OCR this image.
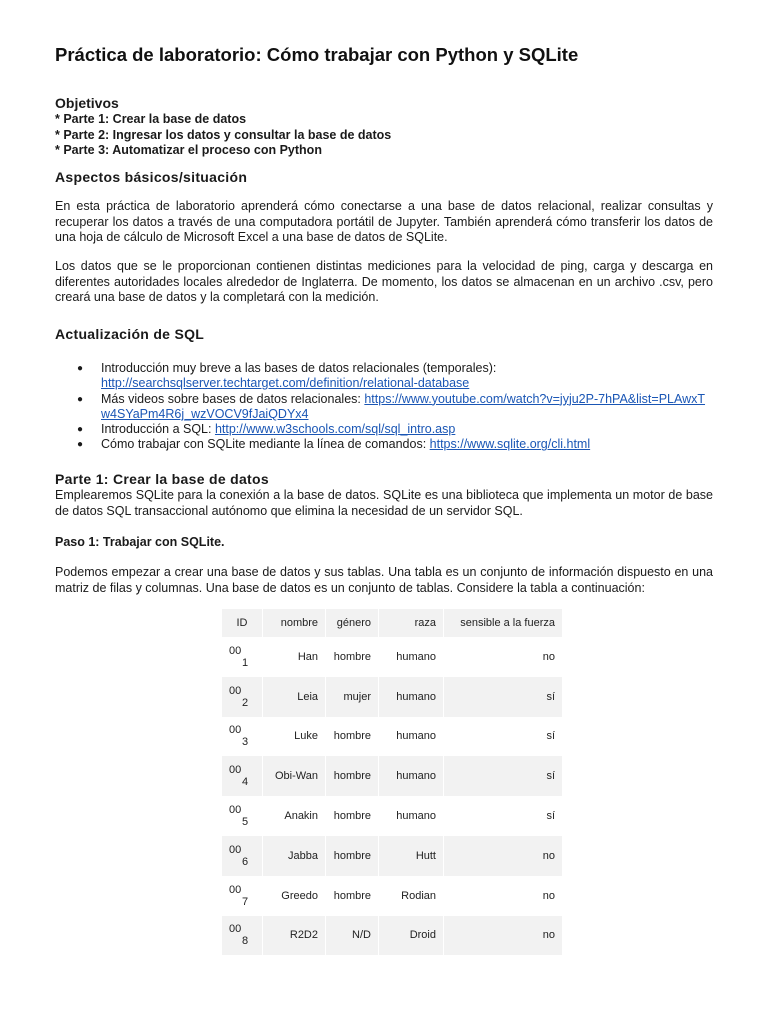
Práctica de laboratorio: Cómo trabajar con Python y SQLite
Objetivos
* Parte 1: Crear la base de datos
* Parte 2: Ingresar los datos y consultar la base de datos
* Parte 3: Automatizar el proceso con Python
Aspectos básicos/situación

En esta práctica de laboratorio aprenderá cómo conectarse a una base de datos relacional, realizar consultas y recuperar los datos a través de una computadora portátil de Jupyter. También aprenderá cómo transferir los datos de una hoja de cálculo de Microsoft Excel a una base de datos de SQLite.

Los datos que se le proporcionan contienen distintas mediciones para la velocidad de ping, carga y descarga en diferentes autoridades locales alrededor de Inglaterra. De momento, los datos se almacenan en un archivo .csv, pero creará una base de datos y la completará con la medición.

Actualización de SQL
● Introducción muy breve a las bases de datos relacionales (temporales): http://searchsqlserver.techtarget.com/definition/relational-database
● Más videos sobre bases de datos relacionales: https://www.youtube.com/watch?v=jyju2P-7hPA&list=PLAwxTw4SYaPm4R6j_wzVOCV9fJaiQDYx4
● Introducción a SQL: http://www.w3schools.com/sql/sql_intro.asp
● Cómo trabajar con SQLite mediante la línea de comandos: https://www.sqlite.org/cli.html
Parte 1: Crear la base de datos

Emplearemos SQLite para la conexión a la base de datos. SQLite es una biblioteca que implementa un motor de base de datos SQL transaccional autónomo que elimina la necesidad de un servidor SQL.

Paso 1: Trabajar con SQLite.

Podemos empezar a crear una base de datos y sus tablas. Una tabla es un conjunto de información dispuesto en una matriz de filas y columnas. Una base de datos es un conjunto de tablas. Considere la tabla a continuación:

ID	nombre	género	raza	sensible a la fuerza

00
1	Han	hombre	humano	no

00
2	Leia	mujer	humano	sí

00
3	Luke	hombre	humano	sí

00
4	Obi-Wan	hombre	humano	sí

00
5	Anakin	hombre	humano	sí

00
6	Jabba	hombre	Hutt	no

00
7	Greedo	hombre	Rodian	no

00
8	R2D2	N/D	Droid	no
